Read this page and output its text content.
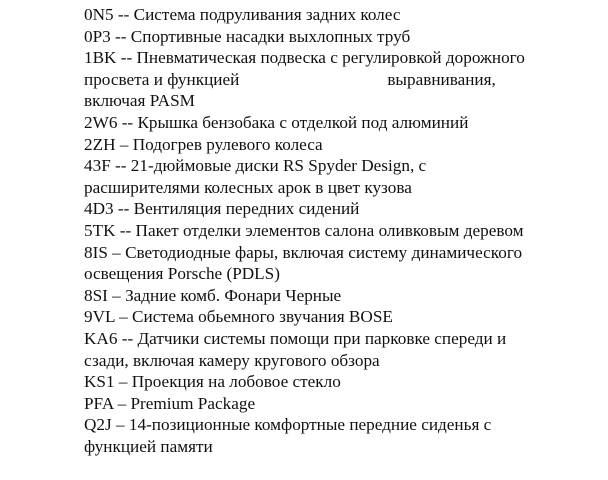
0N5 -- Система подруливания задних колес
0P3 -- Спортивные насадки выхлопных труб
1BK -- Пневматическая подвеска с регулировкой дорожного
просвета и функцией	выравнивания,
включая PASM
2W6 -- Крышка бензобака с отделкой под алюминий
2ZH – Подогрев рулевого колеса
43F -- 21-дюймовые диски RS Spyder Design, с
расширителями колесных арок в цвет кузова
4D3 -- Вентиляция передних сидений
5TK -- Пакет отделки элементов салона оливковым деревом
8IS – Светодиодные фары, включая систему динамического
освещения Porsche (PDLS)
8SI – Задние комб. Фонари Черные
9VL – Система обьемного звучания BOSE
KA6 -- Датчики системы помощи при парковке спереди и
сзади, включая камеру кругового обзора
KS1 – Проекция на лобовое стекло
PFA – Premium Package
Q2J – 14-позиционные комфортные передние сиденья с
функцией памяти
